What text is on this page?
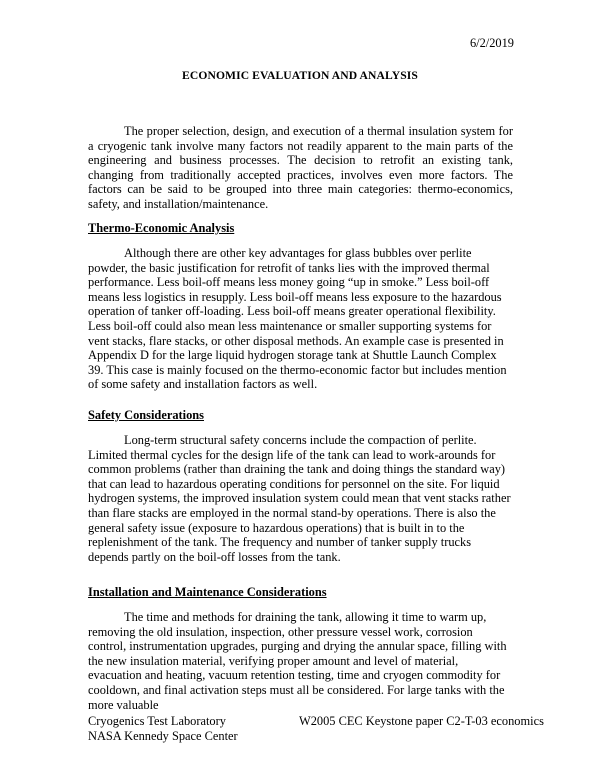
6/2/2019
ECONOMIC EVALUATION AND ANALYSIS

The proper selection, design, and execution of a thermal insulation system for a cryogenic tank involve many factors not readily apparent to the main parts of the engineering and business processes. The decision to retrofit an existing tank, changing from traditionally accepted practices, involves even more factors. The factors can be said to be grouped into three main categories: thermo-economics, safety, and installation/maintenance.

Thermo-Economic Analysis

Although there are other key advantages for glass bubbles over perlite powder, the basic justification for retrofit of tanks lies with the improved thermal performance. Less boil-off means less money going “up in smoke.” Less boil-off means less logistics in resupply. Less boil-off means less exposure to the hazardous operation of tanker off-loading. Less boil-off means greater operational flexibility. Less boil-off could also mean less maintenance or smaller supporting systems for vent stacks, flare stacks, or other disposal methods. An example case is presented in Appendix D for the large liquid hydrogen storage tank at Shuttle Launch Complex 39. This case is mainly focused on the thermo-economic factor but includes mention of some safety and installation factors as well.

Safety Considerations

Long-term structural safety concerns include the compaction of perlite. Limited thermal cycles for the design life of the tank can lead to work-arounds for common problems (rather than draining the tank and doing things the standard way) that can lead to hazardous operating conditions for personnel on the site. For liquid hydrogen systems, the improved insulation system could mean that vent stacks rather than flare stacks are employed in the normal stand-by operations. There is also the general safety issue (exposure to hazardous operations) that is built in to the replenishment of the tank. The frequency and number of tanker supply trucks depends partly on the boil-off losses from the tank.

Installation and Maintenance Considerations

The time and methods for draining the tank, allowing it time to warm up, removing the old insulation, inspection, other pressure vessel work, corrosion control, instrumentation upgrades, purging and drying the annular space, filling with the new insulation material, verifying proper amount and level of material, evacuation and heating, vacuum retention testing, time and cryogen commodity for cooldown, and final activation steps must all be considered. For large tanks with the more valuable

Cryogenics Test Laboratory
NASA Kennedy Space Center
W2005 CEC Keystone paper C2-T-03 economics
